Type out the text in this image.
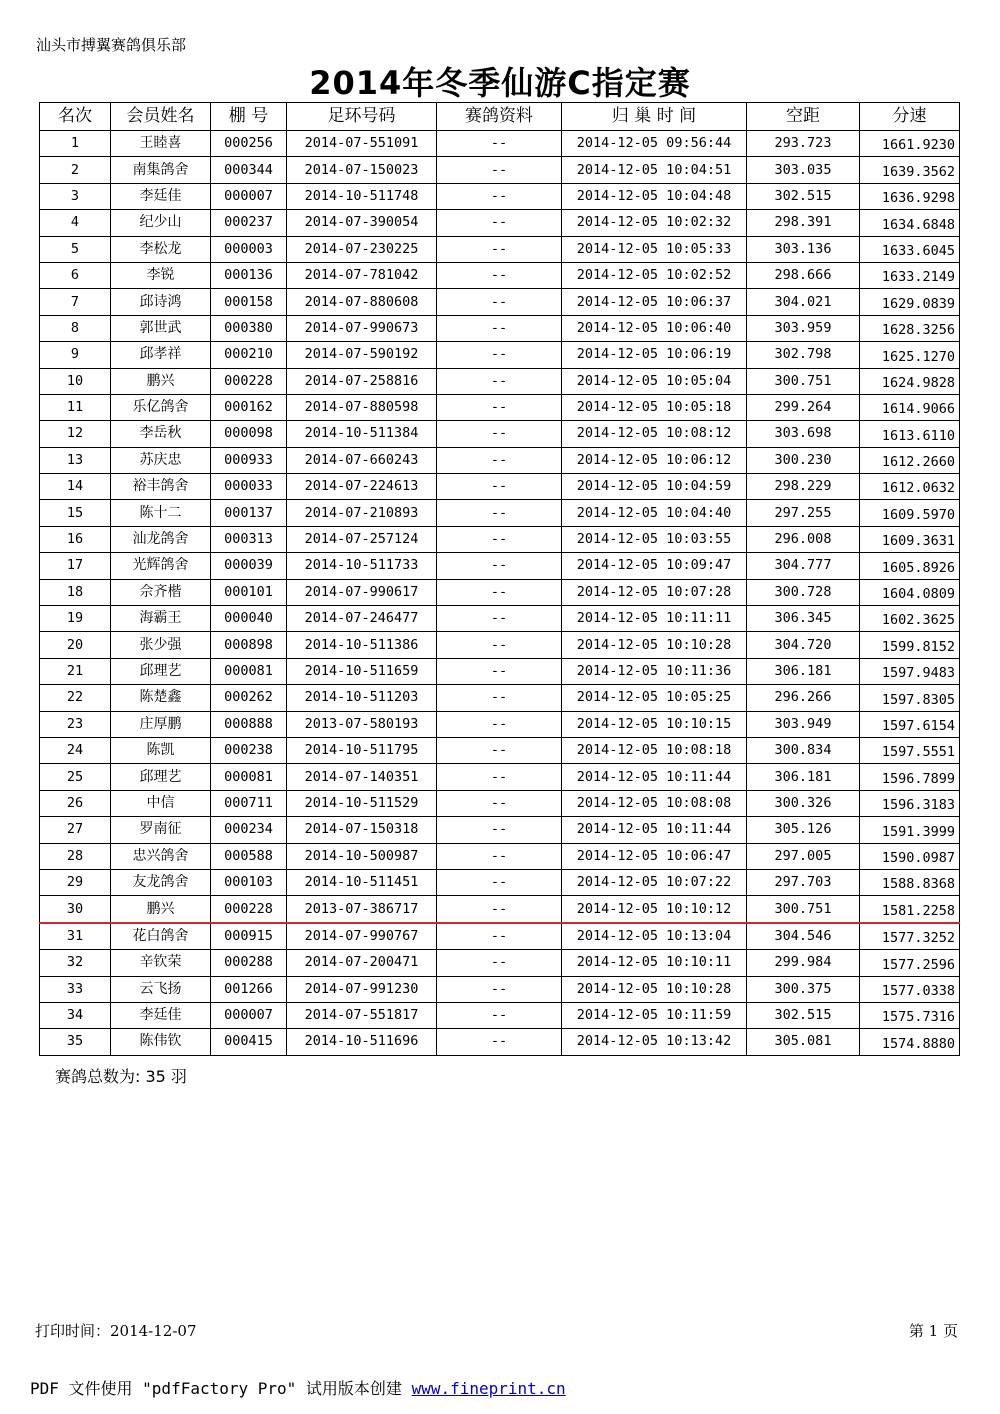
汕头市搏翼赛鸽俱乐部
2014年冬季仙游C指定赛
名次	会员姓名	棚 号	足环号码	赛鸽资料	归 巢 时 间	空距	分速
1	王睦喜	000256	2014-07-551091	--	2014-12-05 09:56:44	293.723	1661.9230
2	南集鸽舍	000344	2014-07-150023	--	2014-12-05 10:04:51	303.035	1639.3562
3	李廷佳	000007	2014-10-511748	--	2014-12-05 10:04:48	302.515	1636.9298
4	纪少山	000237	2014-07-390054	--	2014-12-05 10:02:32	298.391	1634.6848
5	李松龙	000003	2014-07-230225	--	2014-12-05 10:05:33	303.136	1633.6045
6	李锐	000136	2014-07-781042	--	2014-12-05 10:02:52	298.666	1633.2149
7	邱诗鸿	000158	2014-07-880608	--	2014-12-05 10:06:37	304.021	1629.0839
8	郭世武	000380	2014-07-990673	--	2014-12-05 10:06:40	303.959	1628.3256
9	邱孝祥	000210	2014-07-590192	--	2014-12-05 10:06:19	302.798	1625.1270
10	鹏兴	000228	2014-07-258816	--	2014-12-05 10:05:04	300.751	1624.9828
11	乐亿鸽舍	000162	2014-07-880598	--	2014-12-05 10:05:18	299.264	1614.9066
12	李岳秋	000098	2014-10-511384	--	2014-12-05 10:08:12	303.698	1613.6110
13	苏庆忠	000933	2014-07-660243	--	2014-12-05 10:06:12	300.230	1612.2660
14	裕丰鸽舍	000033	2014-07-224613	--	2014-12-05 10:04:59	298.229	1612.0632
15	陈十二	000137	2014-07-210893	--	2014-12-05 10:04:40	297.255	1609.5970
16	汕龙鸽舍	000313	2014-07-257124	--	2014-12-05 10:03:55	296.008	1609.3631
17	光辉鸽舍	000039	2014-10-511733	--	2014-12-05 10:09:47	304.777	1605.8926
18	佘齐楷	000101	2014-07-990617	--	2014-12-05 10:07:28	300.728	1604.0809
19	海霸王	000040	2014-07-246477	--	2014-12-05 10:11:11	306.345	1602.3625
20	张少强	000898	2014-10-511386	--	2014-12-05 10:10:28	304.720	1599.8152
21	邱理艺	000081	2014-10-511659	--	2014-12-05 10:11:36	306.181	1597.9483
22	陈楚鑫	000262	2014-10-511203	--	2014-12-05 10:05:25	296.266	1597.8305
23	庄厚鹏	000888	2013-07-580193	--	2014-12-05 10:10:15	303.949	1597.6154
24	陈凯	000238	2014-10-511795	--	2014-12-05 10:08:18	300.834	1597.5551
25	邱理艺	000081	2014-07-140351	--	2014-12-05 10:11:44	306.181	1596.7899
26	中信	000711	2014-10-511529	--	2014-12-05 10:08:08	300.326	1596.3183
27	罗南征	000234	2014-07-150318	--	2014-12-05 10:11:44	305.126	1591.3999
28	忠兴鸽舍	000588	2014-10-500987	--	2014-12-05 10:06:47	297.005	1590.0987
29	友龙鸽舍	000103	2014-10-511451	--	2014-12-05 10:07:22	297.703	1588.8368
30	鹏兴	000228	2013-07-386717	--	2014-12-05 10:10:12	300.751	1581.2258
31	花白鸽舍	000915	2014-07-990767	--	2014-12-05 10:13:04	304.546	1577.3252
32	辛钦荣	000288	2014-07-200471	--	2014-12-05 10:10:11	299.984	1577.2596
33	云飞扬	001266	2014-07-991230	--	2014-12-05 10:10:28	300.375	1577.0338
34	李廷佳	000007	2014-07-551817	--	2014-12-05 10:11:59	302.515	1575.7316
35	陈伟钦	000415	2014-10-511696	--	2014-12-05 10:13:42	305.081	1574.8880
赛鸽总数为: 35 羽
打印时间：2014-12-07	第 1 页
PDF 文件使用 "pdfFactory Pro" 试用版本创建 www.fineprint.cn
